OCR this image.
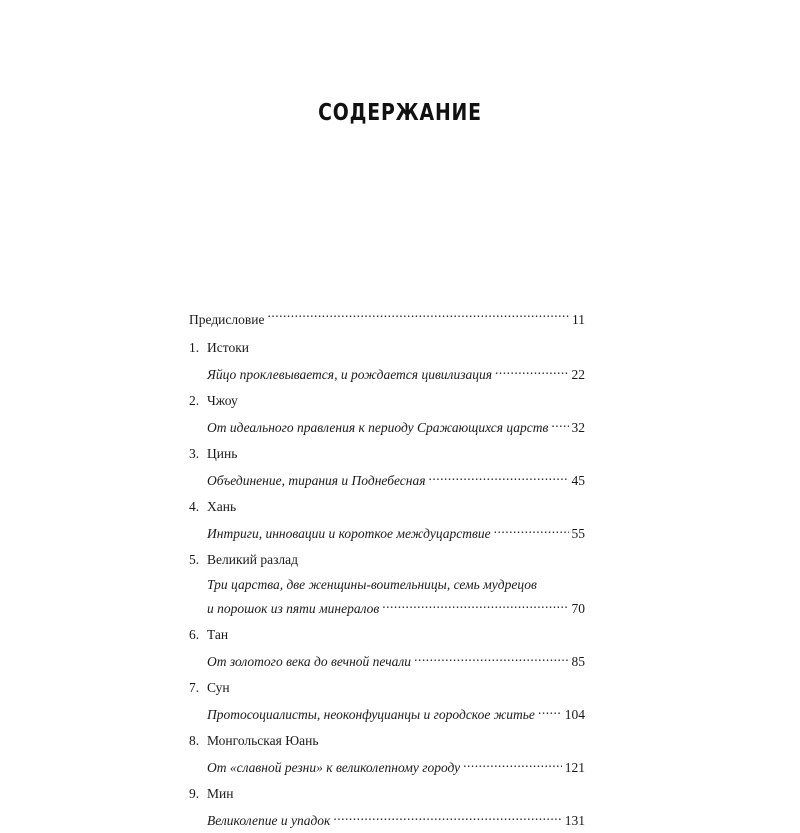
СОДЕРЖАНИЕ
Предисловие .....	11
1. Истоки
Яйцо проклевывается, и рождается цивилизация .....	22
2. Чжоу
От идеального правления к периоду Сражающихся царств ..... 32
3. Цинь
Объединение, тирания и Поднебесная .....	45
4. Хань
Интриги, инновации и короткое междуцарствие .....	55
5. Великий разлад
Три царства, две женщины-воительницы, семь мудрецов
и порошок из пяти минералов .....	70
6. Тан
От золотого века до вечной печали .....	85
7. Сун
Протосоциалисты, неоконфуцианцы и городское житье ..... 104
8. Монгольская Юань
От «славной резни» к великолепному городу .....	121
9. Мин
Великолепие и упадок .....	131
